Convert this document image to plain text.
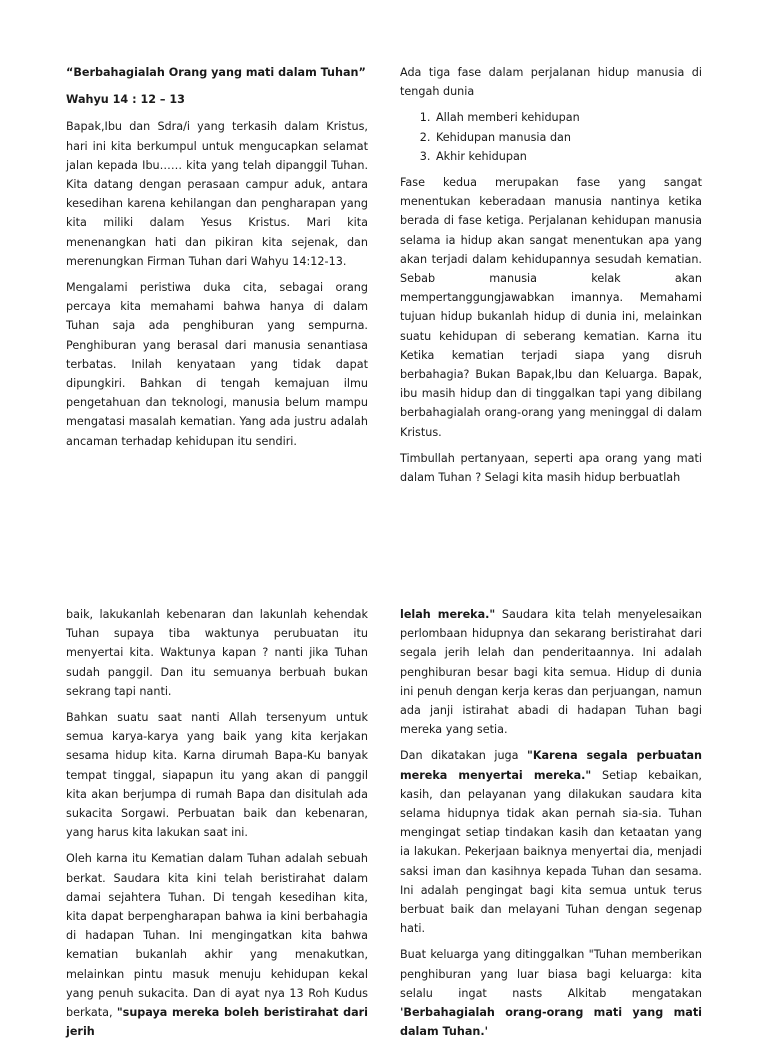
“Berbahagialah Orang yang mati dalam Tuhan”

Wahyu 14 : 12 – 13

Bapak,Ibu dan Sdra/i yang terkasih dalam Kristus, hari ini kita berkumpul untuk mengucapkan selamat jalan kepada Ibu…… kita yang telah dipanggil Tuhan. Kita datang dengan perasaan campur aduk, antara kesedihan karena kehilangan dan pengharapan yang kita miliki dalam Yesus Kristus. Mari kita menenangkan hati dan pikiran kita sejenak, dan merenungkan Firman Tuhan dari Wahyu 14:12-13.

Mengalami peristiwa duka cita, sebagai orang percaya kita memahami bahwa hanya di dalam Tuhan saja ada penghiburan yang sempurna. Penghiburan yang berasal dari manusia senantiasa terbatas. Inilah kenyataan yang tidak dapat dipungkiri. Bahkan di tengah kemajuan ilmu pengetahuan dan teknologi, manusia belum mampu mengatasi masalah kematian. Yang ada justru adalah ancaman terhadap kehidupan itu sendiri.

Ada tiga fase dalam perjalanan hidup manusia di tengah dunia

1. Allah memberi kehidupan
2. Kehidupan manusia dan
3. Akhir kehidupan

Fase kedua merupakan fase yang sangat menentukan keberadaan manusia nantinya ketika berada di fase ketiga. Perjalanan kehidupan manusia selama ia hidup akan sangat menentukan apa yang akan terjadi dalam kehidupannya sesudah kematian. Sebab manusia kelak akan mempertanggungjawabkan imannya. Memahami tujuan hidup bukanlah hidup di dunia ini, melainkan suatu kehidupan di seberang kematian. Karna itu Ketika kematian terjadi siapa yang disruh berbahagia? Bukan Bapak,Ibu dan Keluarga. Bapak, ibu masih hidup dan di tinggalkan tapi yang dibilang berbahagialah orang-orang yang meninggal di dalam Kristus.

Timbullah pertanyaan, seperti apa orang yang mati dalam Tuhan ? Selagi kita masih hidup berbuatlah

baik, lakukanlah kebenaran dan lakunlah kehendak Tuhan supaya tiba waktunya perubuatan itu menyertai kita. Waktunya kapan ? nanti jika Tuhan sudah panggil. Dan itu semuanya berbuah bukan sekrang tapi nanti.

Bahkan suatu saat nanti Allah tersenyum untuk semua karya-karya yang baik yang kita kerjakan sesama hidup kita. Karna dirumah Bapa-Ku banyak tempat tinggal, siapapun itu yang akan di panggil kita akan berjumpa di rumah Bapa dan disitulah ada sukacita Sorgawi. Perbuatan baik dan kebenaran, yang harus kita lakukan saat ini.

Oleh karna itu Kematian dalam Tuhan adalah sebuah berkat. Saudara kita kini telah beristirahat dalam damai sejahtera Tuhan. Di tengah kesedihan kita, kita dapat berpengharapan bahwa ia kini berbahagia di hadapan Tuhan. Ini mengingatkan kita bahwa kematian bukanlah akhir yang menakutkan, melainkan pintu masuk menuju kehidupan kekal yang penuh sukacita. Dan di ayat nya 13 Roh Kudus berkata, "supaya mereka boleh beristirahat dari jerih

lelah mereka." Saudara kita telah menyelesaikan perlombaan hidupnya dan sekarang beristirahat dari segala jerih lelah dan penderitaannya. Ini adalah penghiburan besar bagi kita semua. Hidup di dunia ini penuh dengan kerja keras dan perjuangan, namun ada janji istirahat abadi di hadapan Tuhan bagi mereka yang setia.

Dan dikatakan juga "Karena segala perbuatan mereka menyertai mereka." Setiap kebaikan, kasih, dan pelayanan yang dilakukan saudara kita selama hidupnya tidak akan pernah sia-sia. Tuhan mengingat setiap tindakan kasih dan ketaatan yang ia lakukan. Pekerjaan baiknya menyertai dia, menjadi saksi iman dan kasihnya kepada Tuhan dan sesama. Ini adalah pengingat bagi kita semua untuk terus berbuat baik dan melayani Tuhan dengan segenap hati.

Buat keluarga yang ditinggalkan "Tuhan memberikan penghiburan yang luar biasa bagi keluarga: kita selalu ingat nasts Alkitab mengatakan 'Berbahagialah orang-orang mati yang mati dalam Tuhan.'
